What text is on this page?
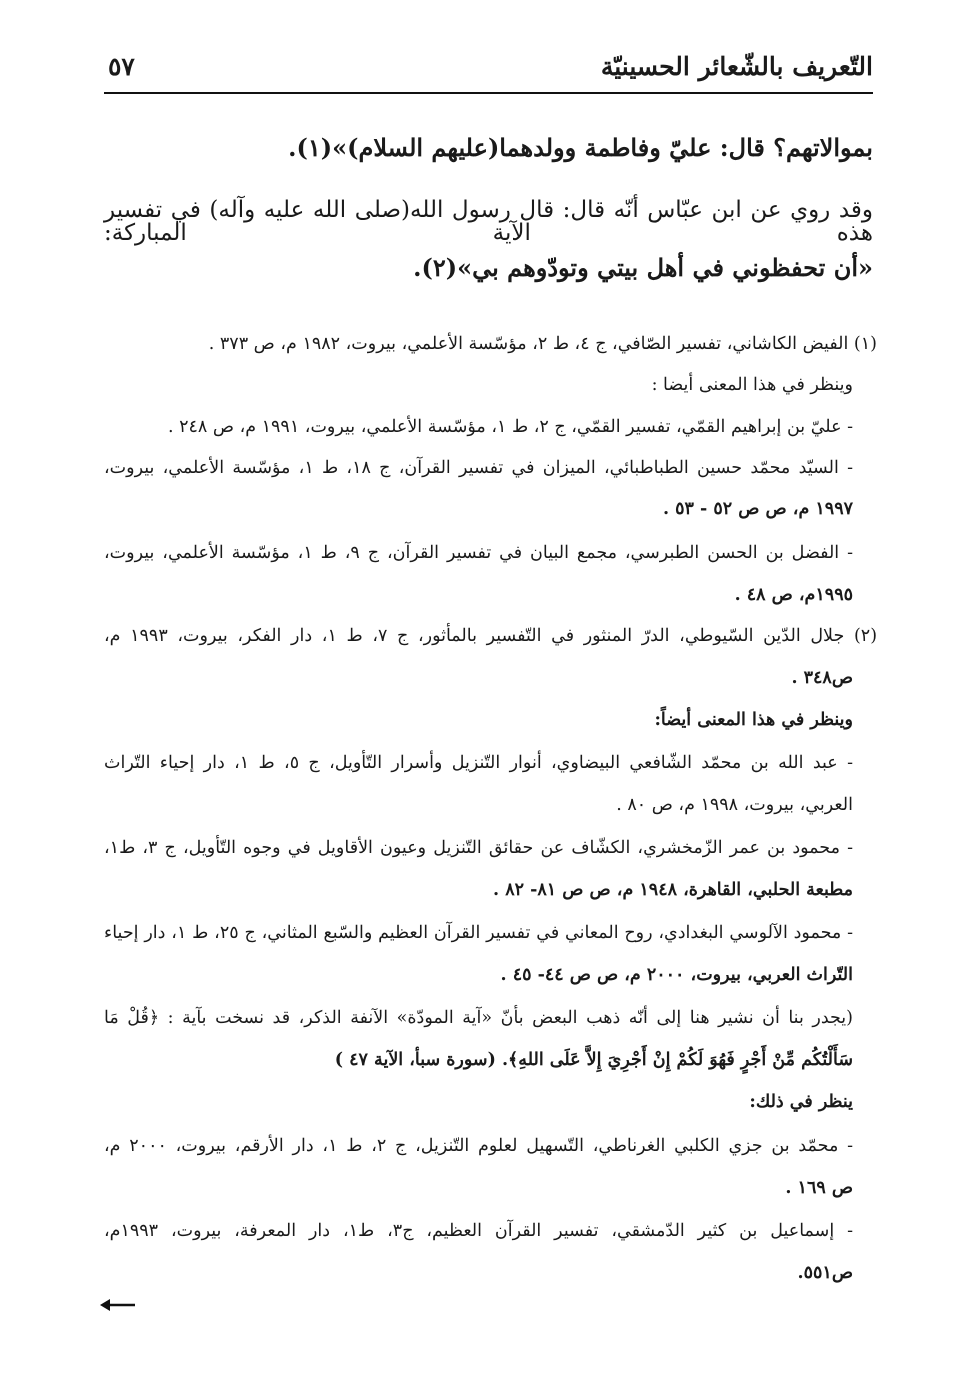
التّعريف بالشّعائر الحسينيّة
٥٧
بموالاتهم؟ قال: عليّ وفاطمة وولدهما(عليهم السلام)»(١).
وقد روي عن ابن عبّاس أنّه قال: قال رسول الله(صلى الله عليه وآله) في تفسير هذه الآية المباركة:
«أن تحفظوني في أهل بيتي وتودّوهم بي»(٢).
(١) الفيض الكاشاني، تفسير الصّافي، ج ٤، ط ٢، مؤسّسة الأعلمي، بيروت، ١٩٨٢ م، ص ٣٧٣ .
وينظر في هذا المعنى أيضا :
- عليّ بن إبراهيم القمّي، تفسير القمّي، ج ٢، ط ١، مؤسّسة الأعلمي، بيروت، ١٩٩١ م، ص ٢٤٨ .
- السيّد محمّد حسين الطباطبائي، الميزان في تفسير القرآن، ج ١٨، ط ١، مؤسّسة الأعلمي، بيروت،
١٩٩٧ م، ص ص ٥٢ - ٥٣ .
- الفضل بن الحسن الطبرسي، مجمع البيان في تفسير القرآن، ج ٩، ط ١، مؤسّسة الأعلمي، بيروت،
١٩٩٥م، ص ٤٨ .
(٢) جلال الدّين السّيوطي، الدرّ المنثور في التّفسير بالمأثور، ج ٧، ط ١، دار الفكر، بيروت، ١٩٩٣ م،
ص٣٤٨ .
وينظر في هذا المعنى أيضاً:
- عبد الله بن محمّد الشّافعي البيضاوي، أنوار التّنزيل وأسرار التّأويل، ج ٥، ط ١، دار إحياء التّراث
العربي، بيروت، ١٩٩٨ م، ص ٨٠ .
- محمود بن عمر الزّمخشري، الكشّاف عن حقائق التّنزيل وعيون الأقاويل في وجوه التّأويل، ج ٣، ط١،
مطبعة الحلبي، القاهرة، ١٩٤٨ م، ص ص ٨١- ٨٢ .
- محمود الآلوسي البغدادي، روح المعاني في تفسير القرآن العظيم والسّبع المثاني، ج ٢٥، ط ١، دار إحياء
التّراث العربي، بيروت، ٢٠٠٠ م، ص ص ٤٤- ٤٥ .
(يجدر بنا أن نشير هنا إلى أنّه ذهب البعض بأنّ «آية المودّة» الآنفة الذكر، قد نسخت بآية : ﴿قُلْ مَا
سَأَلْتُكُم مِّنْ أَجْرٍ فَهُوَ لَكُمْ إِنْ أَجْرِيَ إِلاَّ عَلَى اللهِ﴾. (سورة سبأ، الآية ٤٧ )
ينظر في ذلك:
- محمّد بن جزي الكلبي الغرناطي، التّسهيل لعلوم التّنزيل، ج ٢، ط ١، دار الأرقم، بيروت، ٢٠٠٠ م،
ص ١٦٩ .
- إسماعيل بن كثير الدّمشقي، تفسير القرآن العظيم، ج٣، ط١، دار المعرفة، بيروت، ١٩٩٣م،
ص٥٥١.
